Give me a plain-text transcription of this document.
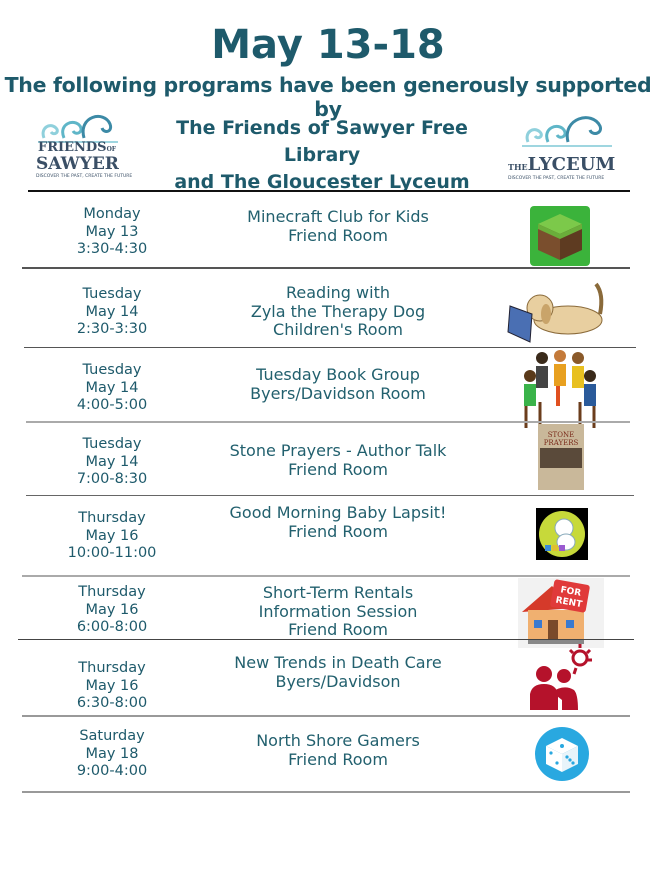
May 13-18
The following programs have been generously supported by
The Friends of Sawyer Free Library
and The Gloucester Lyceum
FRIENDSOF
SAWYER
DISCOVER THE PAST, CREATE THE FUTURE
THELYCEUM
DISCOVER THE PAST, CREATE THE FUTURE
Monday
May 13
3:30-4:30
Minecraft Club for Kids
Friend Room
Tuesday
May 14
2:30-3:30
Reading with
Zyla the Therapy Dog
Children's Room
Tuesday
May 14
4:00-5:00
Tuesday Book Group
Byers/Davidson Room
Tuesday
May 14
7:00-8:30
Stone Prayers - Author Talk
Friend Room
STONE
PRAYERS
Thursday
May 16
10:00-11:00
Good Morning Baby Lapsit!
Friend Room
Thursday
May 16
6:00-8:00
Short-Term Rentals
Information Session
Friend Room
FOR
RENT
Thursday
May 16
6:30-8:00
New Trends in Death Care
Byers/Davidson
Saturday
May 18
9:00-4:00
North Shore Gamers
Friend Room
